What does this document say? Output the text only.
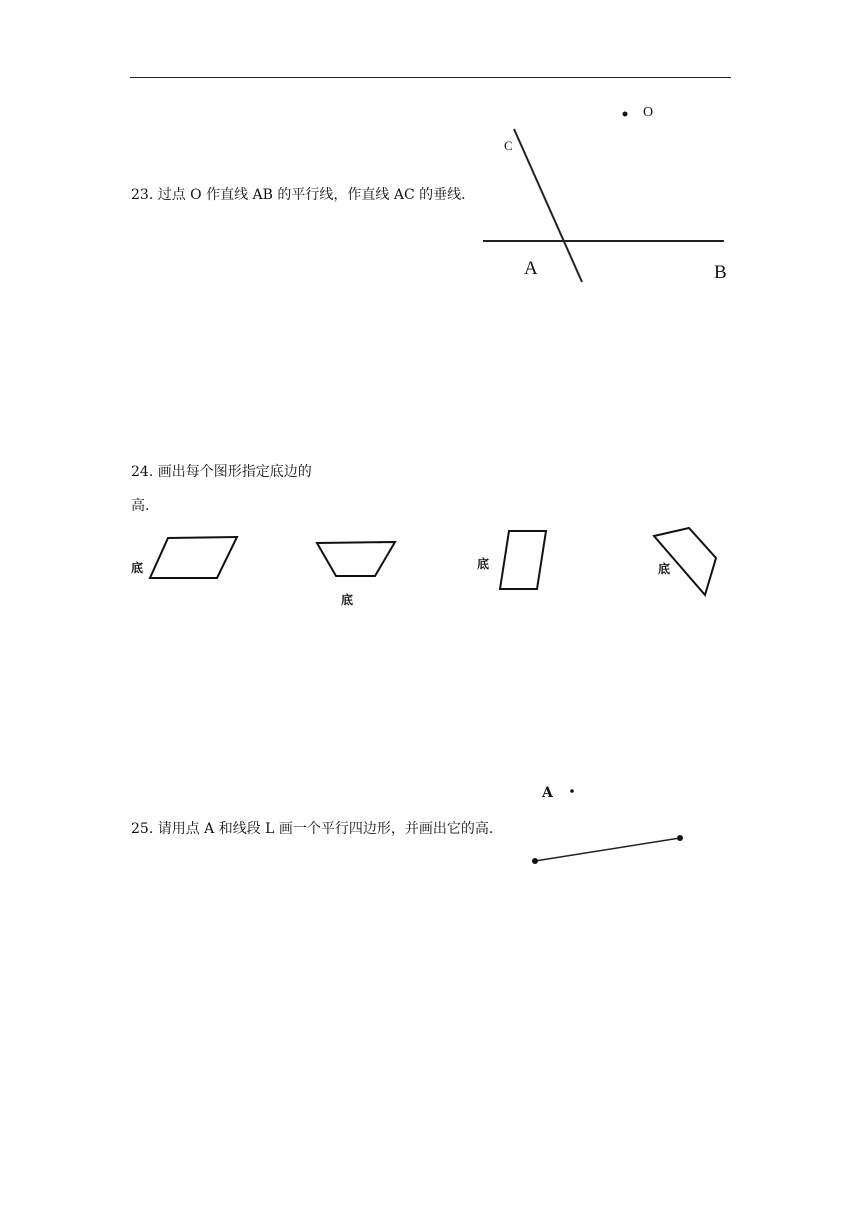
23. 过点 O 作直线 AB 的平行线，作直线 AC 的垂线.
O
C
A	B
24. 画出每个图形指定底边的
高.
底
底
底	底
25. 请用点 A 和线段 L 画一个平行四边形，并画出它的高.
A
